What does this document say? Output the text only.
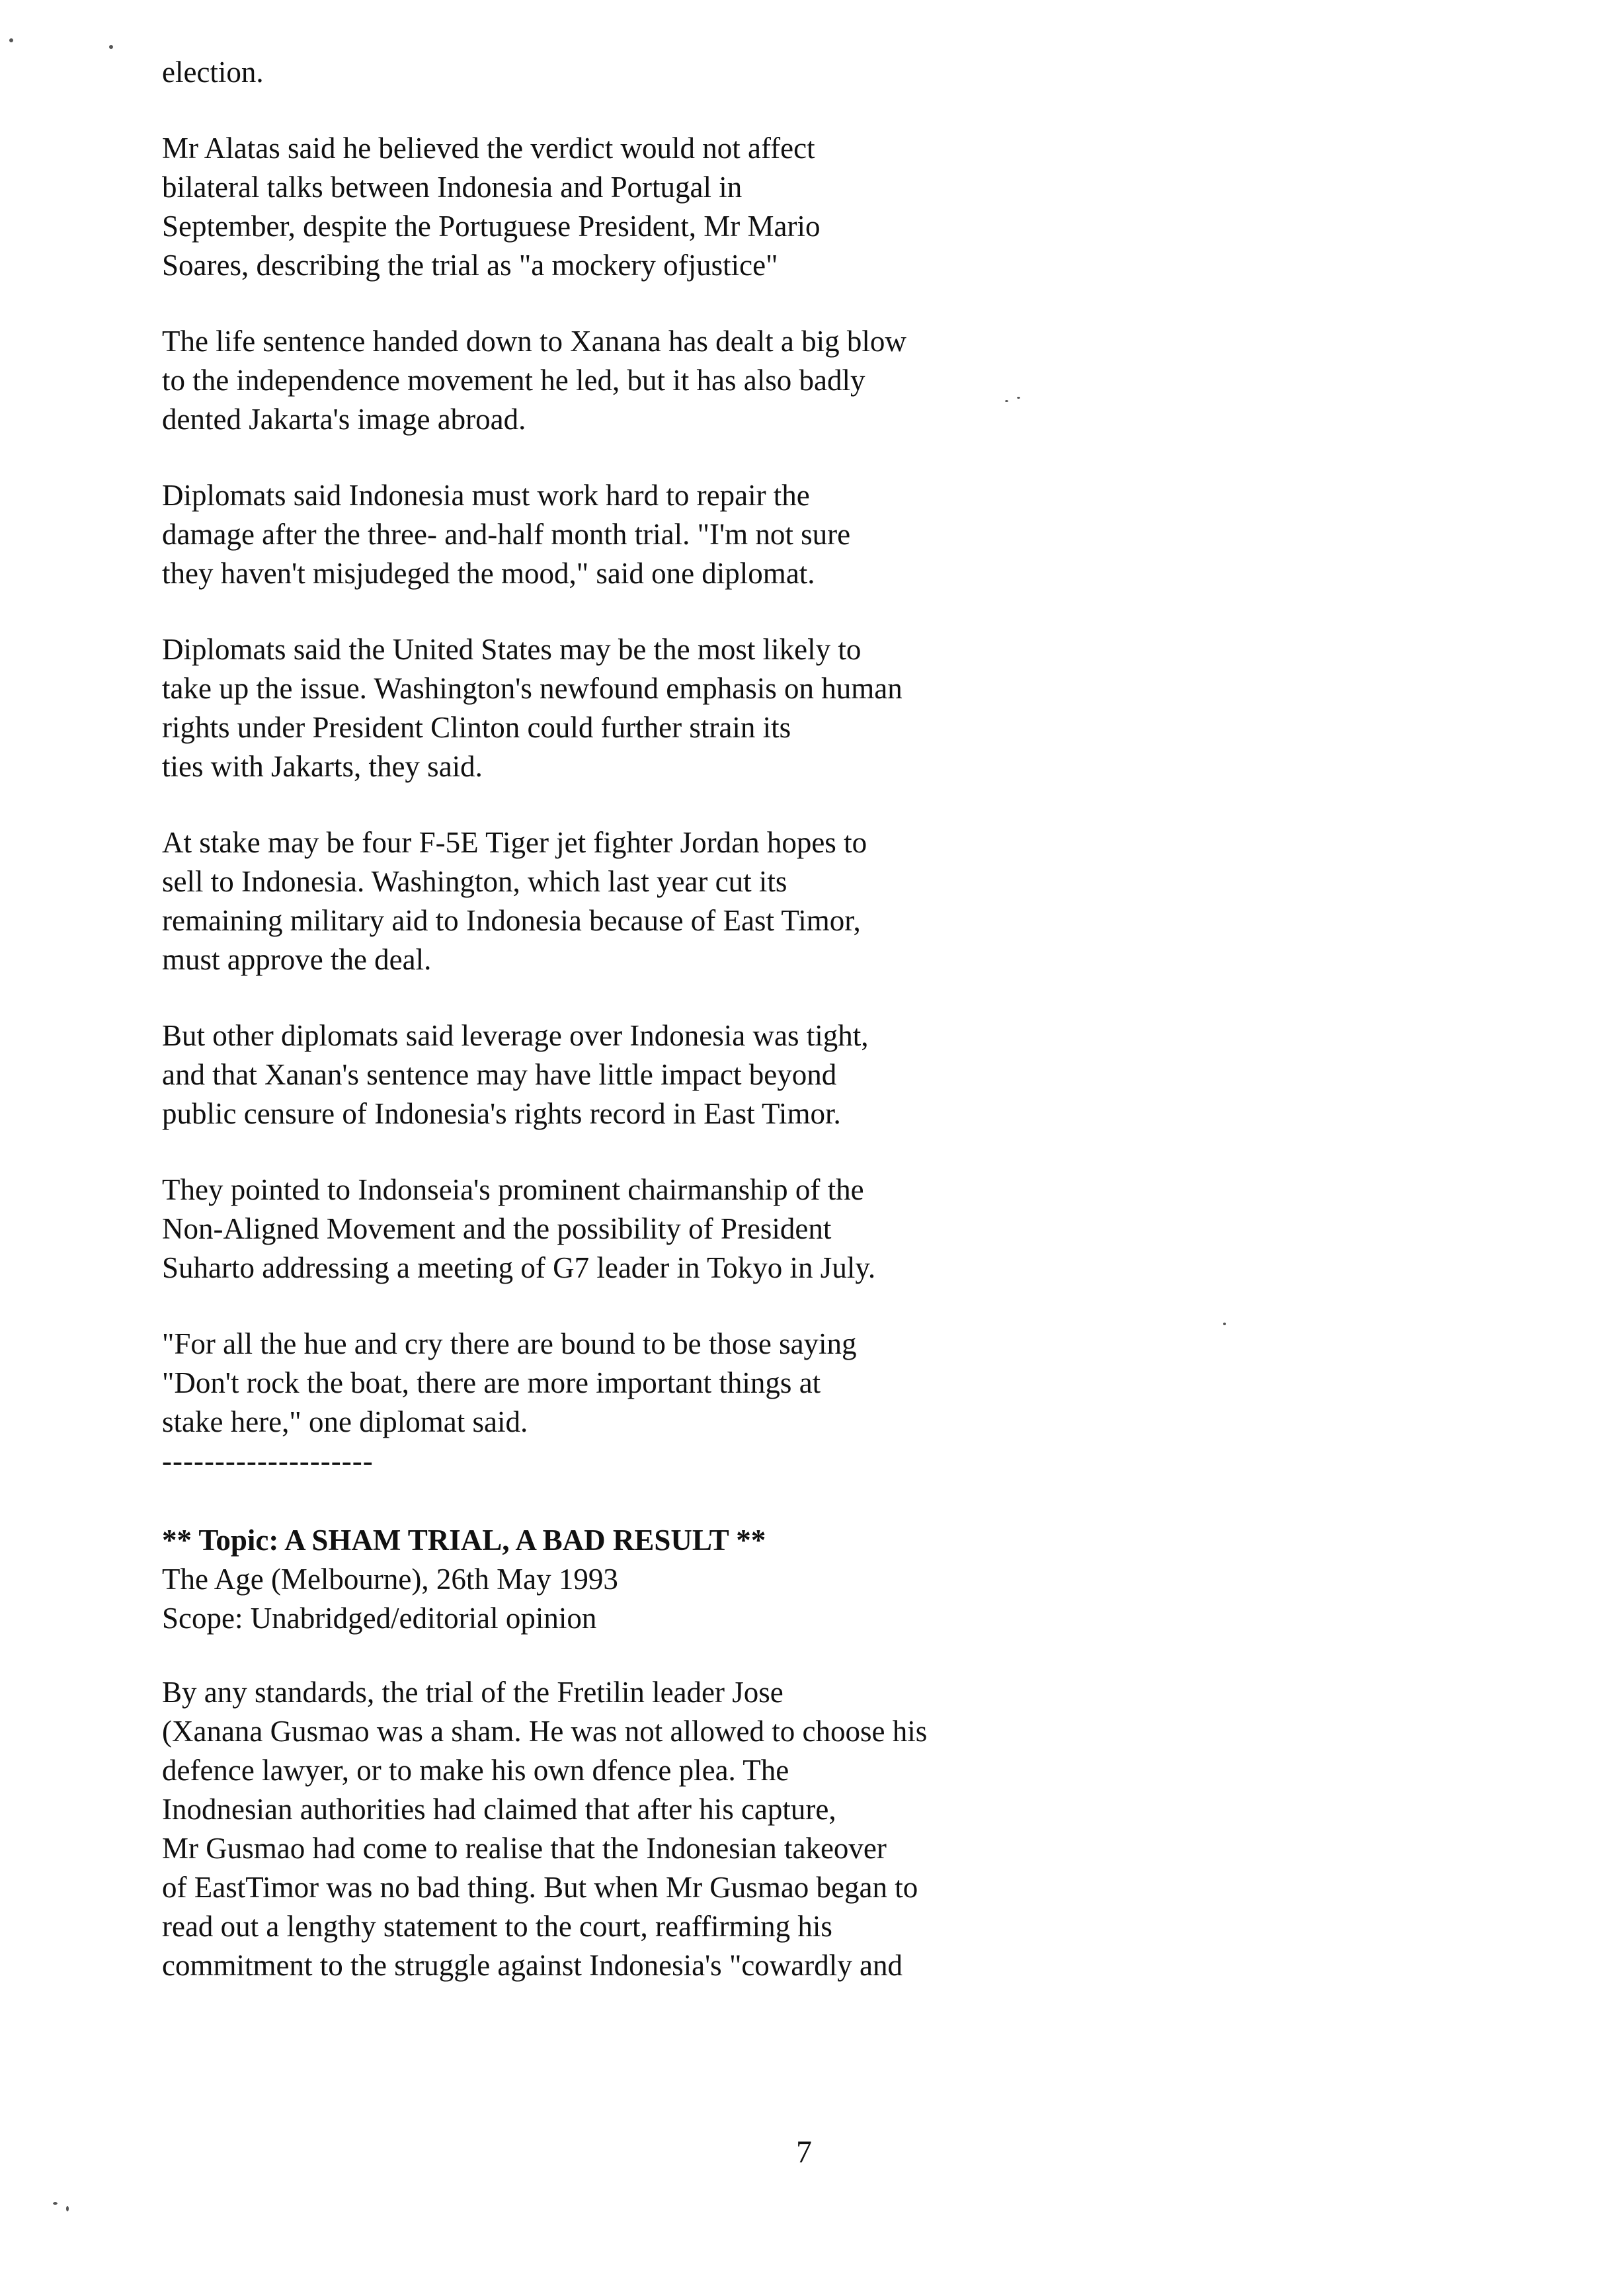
election.
Mr Alatas said he believed the verdict would not affect
bilateral talks between Indonesia and Portugal in
September, despite the Portuguese President, Mr Mario
Soares, describing the trial as "a mockery ofjustice"
The life sentence handed down to Xanana has dealt a big blow
to the independence movement he led, but it has also badly
dented Jakarta's image abroad.
Diplomats said Indonesia must work hard to repair the
damage after the three- and-half month trial. "I'm not sure
they haven't misjudeged the mood," said one diplomat.
Diplomats said the United States may be the most likely to
take up the issue. Washington's newfound emphasis on human
rights under President Clinton could further strain its
ties with Jakarts, they said.
At stake may be four F-5E Tiger jet fighter Jordan hopes to
sell to Indonesia. Washington, which last year cut its
remaining military aid to Indonesia because of East Timor,
must approve the deal.
But other diplomats said leverage over Indonesia was tight,
and that Xanan's sentence may have little impact beyond
public censure of Indonesia's rights record in East Timor.
They pointed to Indonseia's prominent chairmanship of the
Non-Aligned Movement and the possibility of President
Suharto addressing a meeting of G7 leader in Tokyo in July.
"For all the hue and cry there are bound to be those saying
"Don't rock the boat, there are more important things at
stake here," one diplomat said.
--------------------
** Topic: A SHAM TRIAL, A BAD RESULT **
The Age (Melbourne), 26th May 1993
Scope: Unabridged/editorial opinion
By any standards, the trial of the Fretilin leader Jose
(Xanana Gusmao was a sham. He was not allowed to choose his
defence lawyer, or to make his own dfence plea. The
Inodnesian authorities had claimed that after his capture,
Mr Gusmao had come to realise that the Indonesian takeover
of EastTimor was no bad thing. But when Mr Gusmao began to
read out a lengthy statement to the court, reaffirming his
commitment to the struggle against Indonesia's "cowardly and
7
